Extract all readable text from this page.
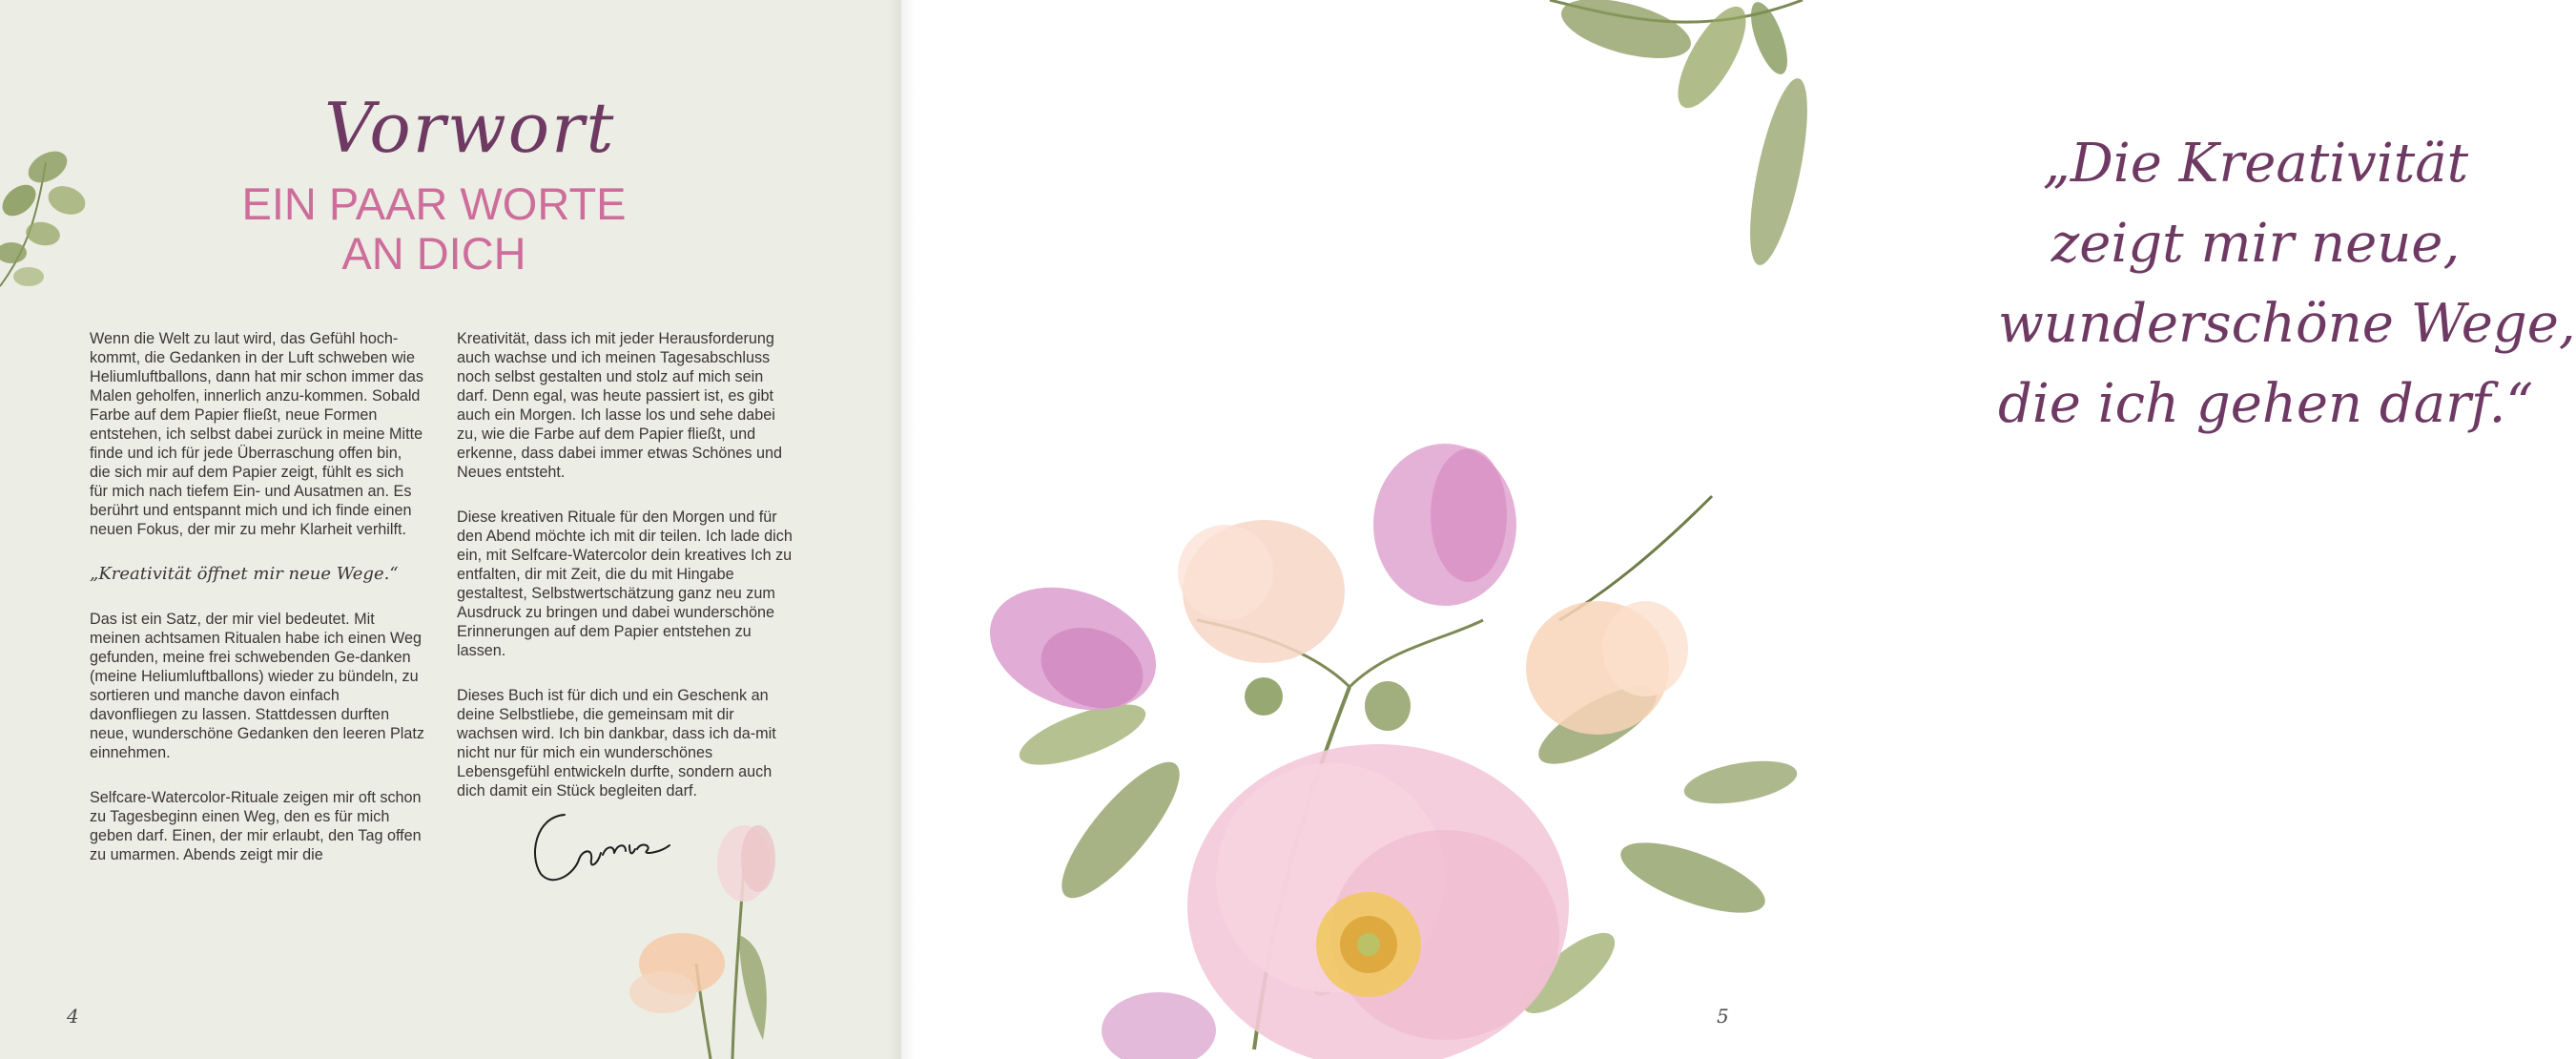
Vorwort
EIN PAAR WORTE
AN DICH

Wenn die Welt zu laut wird, das Gefühl hoch-kommt, die Gedanken in der Luft schweben wie Heliumluftballons, dann hat mir schon immer das Malen geholfen, innerlich anzu-kommen. Sobald Farbe auf dem Papier fließt, neue Formen entstehen, ich selbst dabei zurück in meine Mitte finde und ich für jede Überraschung offen bin, die sich mir auf dem Papier zeigt, fühlt es sich für mich nach tiefem Ein- und Ausatmen an. Es berührt und entspannt mich und ich finde einen neuen Fokus, der mir zu mehr Klarheit verhilft.

„Kreativität öffnet mir neue Wege.“

Das ist ein Satz, der mir viel bedeutet. Mit meinen achtsamen Ritualen habe ich einen Weg gefunden, meine frei schwebenden Ge-danken (meine Heliumluftballons) wieder zu bündeln, zu sortieren und manche davon einfach davonfliegen zu lassen. Stattdessen durften neue, wunderschöne Gedanken den leeren Platz einnehmen.

Selfcare-Watercolor-Rituale zeigen mir oft schon zu Tagesbeginn einen Weg, den es für mich geben darf. Einen, der mir erlaubt, den Tag offen zu umarmen. Abends zeigt mir die

Kreativität, dass ich mit jeder Herausforderung auch wachse und ich meinen Tagesabschluss noch selbst gestalten und stolz auf mich sein darf. Denn egal, was heute passiert ist, es gibt auch ein Morgen. Ich lasse los und sehe dabei zu, wie die Farbe auf dem Papier fließt, und erkenne, dass dabei immer etwas Schönes und Neues entsteht.

Diese kreativen Rituale für den Morgen und für den Abend möchte ich mit dir teilen. Ich lade dich ein, mit Selfcare-Watercolor dein kreatives Ich zu entfalten, dir mit Zeit, die du mit Hingabe gestaltest, Selbstwertschätzung ganz neu zum Ausdruck zu bringen und dabei wunderschöne Erinnerungen auf dem Papier entstehen zu lassen.

Dieses Buch ist für dich und ein Geschenk an deine Selbstliebe, die gemeinsam mit dir wachsen wird. Ich bin dankbar, dass ich da-mit nicht nur für mich ein wunderschönes Lebensgefühl entwickeln durfte, sondern auch dich damit ein Stück begleiten darf.

4
„Die Kreativität
zeigt mir neue,
wunderschöne Wege,
die ich gehen darf.“
5
